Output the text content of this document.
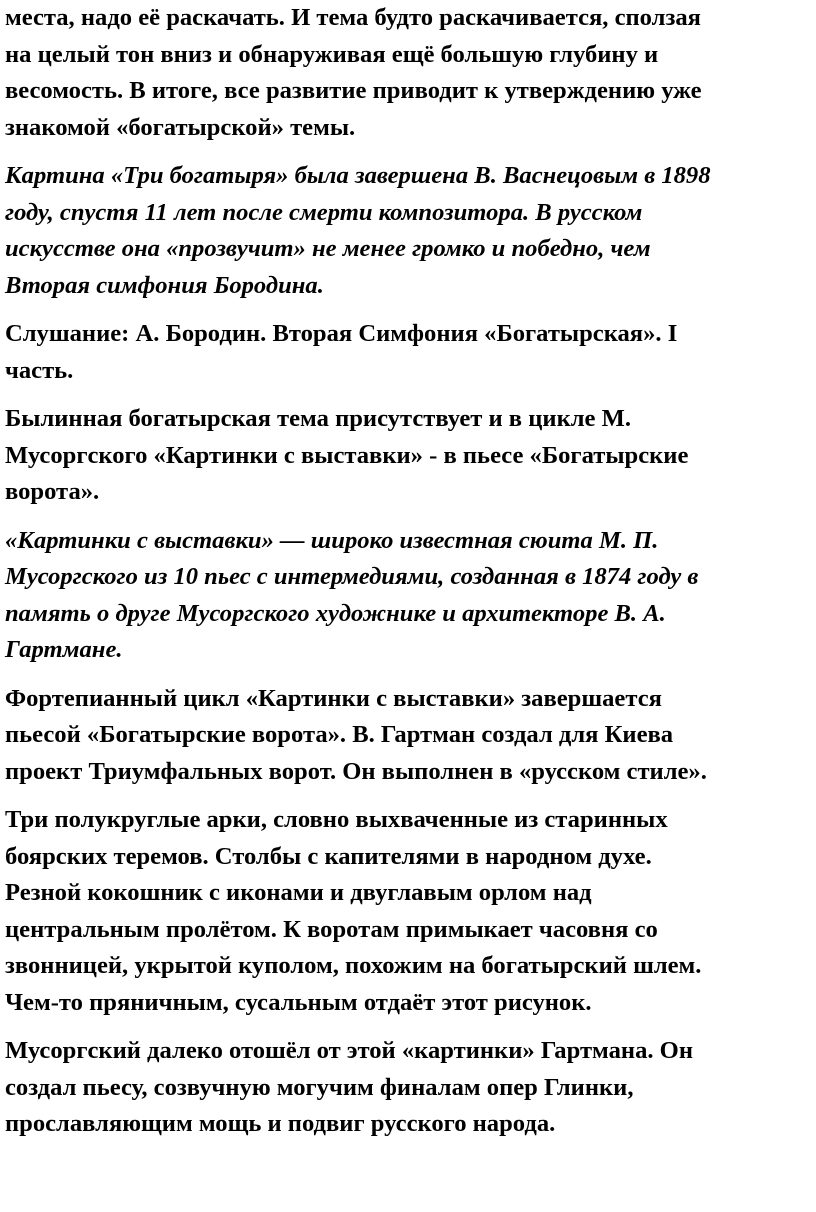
места, надо её раскачать. И тема будто раскачивается, сползая
на целый тон вниз и обнаруживая ещё большую глубину и
весомость. В итоге, все развитие приводит к утверждению уже
знакомой «богатырской» темы.

Картина «Три богатыря» была завершена В. Васнецовым в 1898
году, спустя 11 лет после смерти композитора. В русском
искусстве она «прозвучит» не менее громко и победно, чем
Вторая симфония Бородина.

Слушание: А. Бородин. Вторая Симфония «Богатырская». I
часть.

Былинная богатырская тема присутствует и в цикле М.
Мусоргского «Картинки с выставки» - в пьесе «Богатырские
ворота».

«Картинки с выставки» — широко известная сюита М. П.
Мусоргского из 10 пьес с интермедиями, созданная в 1874 году в
память о друге Мусоргского художнике и архитекторе В. А.
Гартмане.

Фортепианный цикл «Картинки с выставки» завершается
пьесой «Богатырские ворота». В. Гартман создал для Киева
проект Триумфальных ворот. Он выполнен в «русском стиле».

Три полукруглые арки, словно выхваченные из старинных
боярских теремов. Столбы с капителями в народном духе.
Резной кокошник с иконами и двуглавым орлом над
центральным пролётом. К воротам примыкает часовня со
звонницей, укрытой куполом, похожим на богатырский шлем.
Чем-то пряничным, сусальным отдаёт этот рисунок.

Мусоргский далеко отошёл от этой «картинки» Гартмана. Он
создал пьесу, созвучную могучим финалам опер Глинки,
прославляющим мощь и подвиг русского народа.
